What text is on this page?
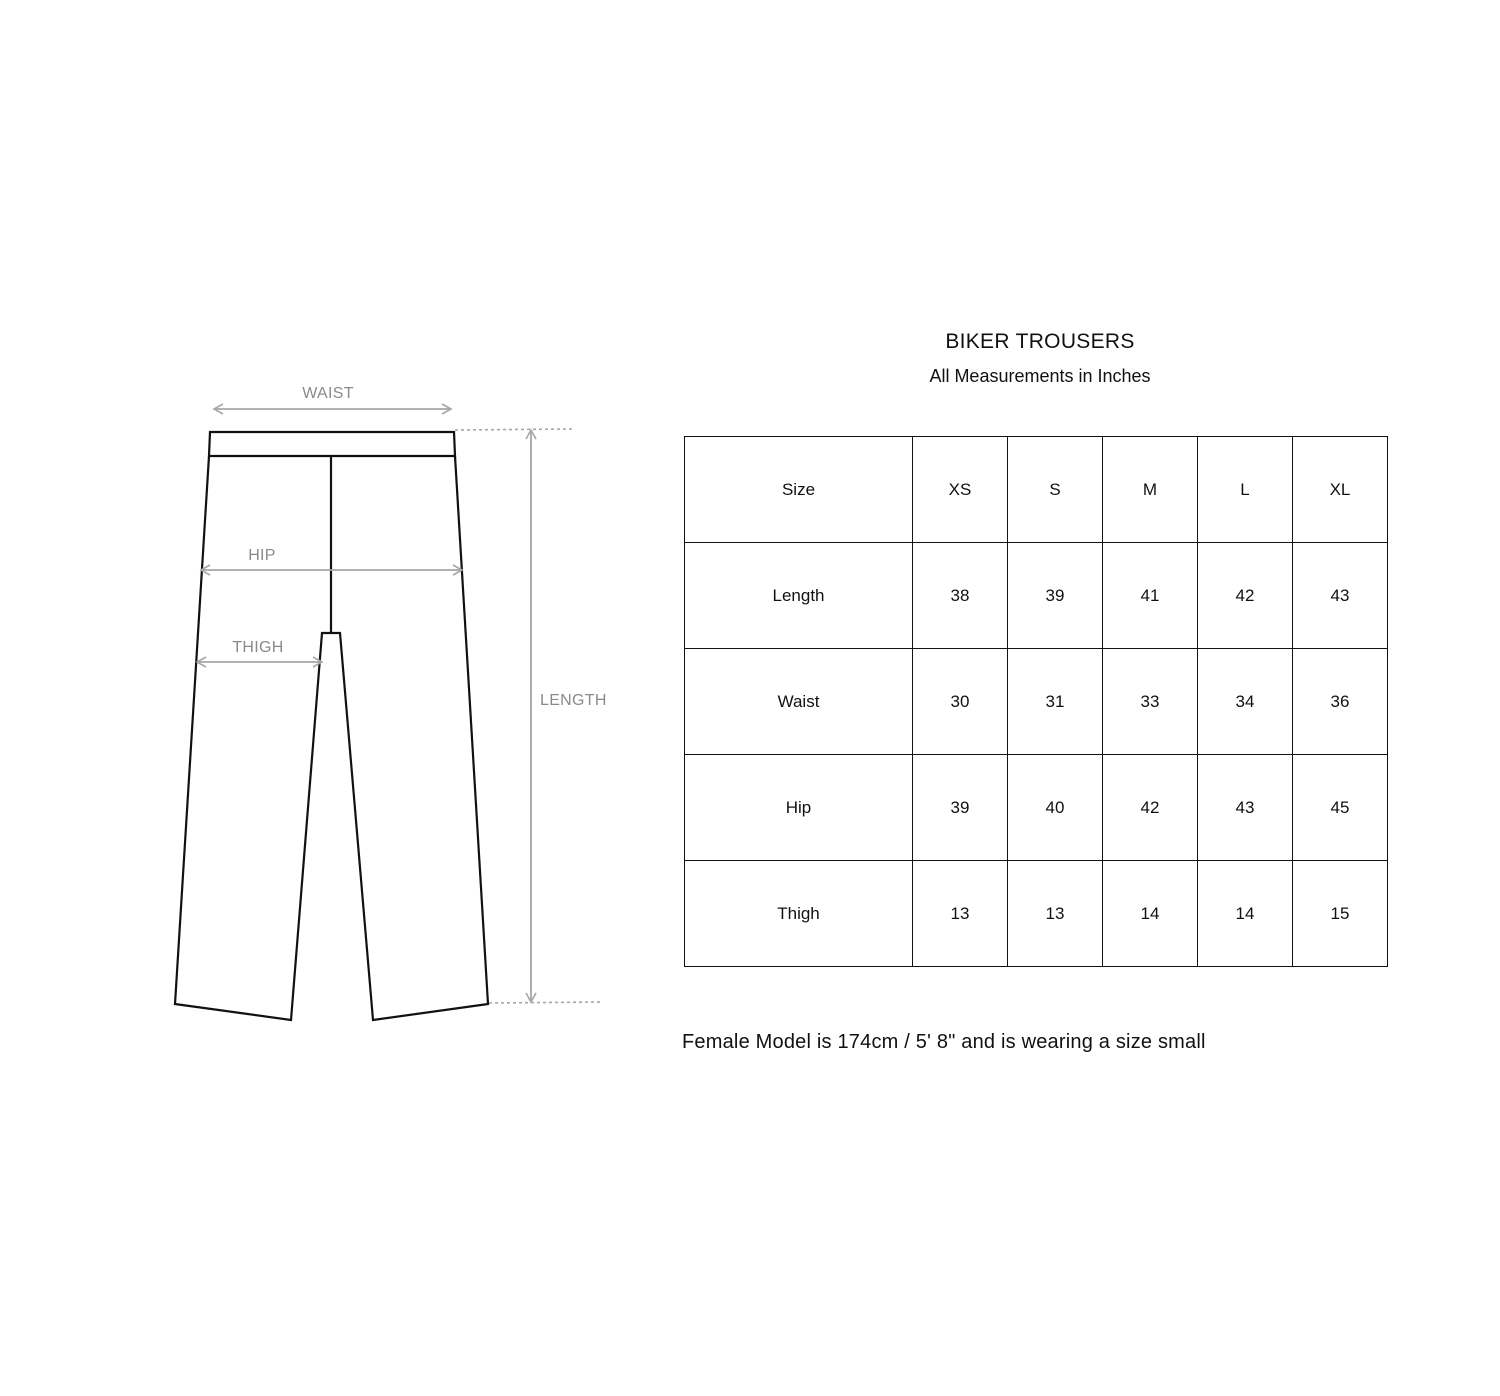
WAIST
HIP
THIGH
LENGTH
BIKER TROUSERS
All Measurements in Inches
Size	XS	S	M	L	XL
Length	38	39	41	42	43
Waist	30	31	33	34	36
Hip	39	40	42	43	45
Thigh	13	13	14	14	15
Female Model is 174cm / 5' 8" and is wearing a size small
